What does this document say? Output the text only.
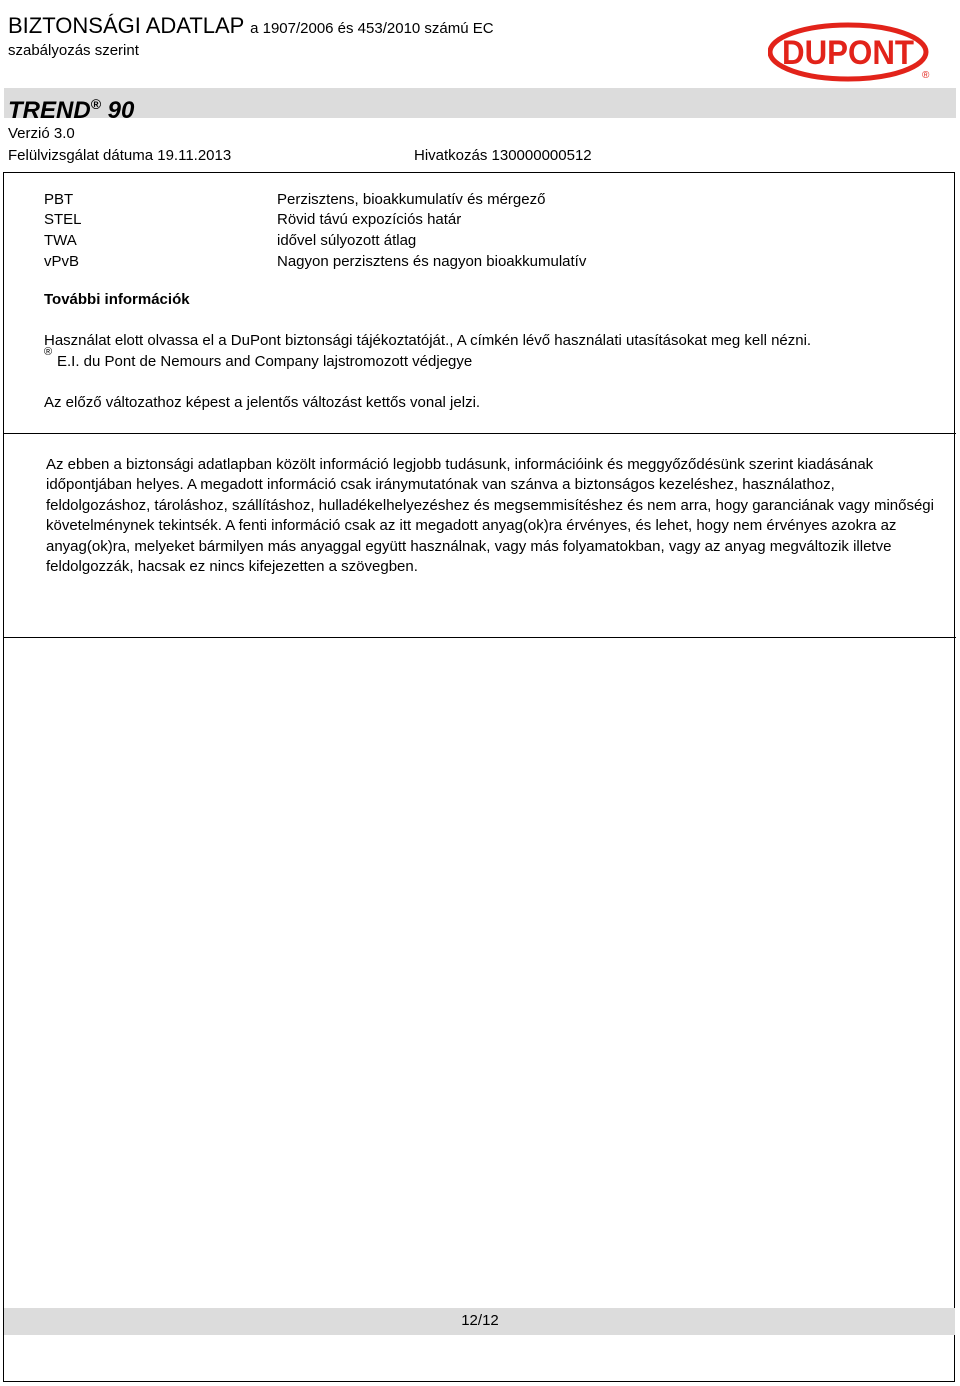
BIZTONSÁGI ADATLAP a 1907/2006 és 453/2010 számú EC
szabályozás szerint	DUPONT
®
TREND® 90
Verzió 3.0
Felülvizsgálat dátuma 19.11.2013	Hivatkozás 130000000512
PBT	Perzisztens, bioakkumulatív és mérgező
STEL	Rövid távú expozíciós határ
TWA	idővel súlyozott átlag
vPvB	Nagyon perzisztens és nagyon bioakkumulatív
További információk
Használat elott olvassa el a DuPont biztonsági tájékoztatóját., A címkén lévő használati utasításokat meg kell nézni.
®
E.I. du Pont de Nemours and Company lajstromozott védjegye
Az előző változathoz képest a jelentős változást kettős vonal jelzi.
Az ebben a biztonsági adatlapban közölt információ legjobb tudásunk, információink és meggyőződésünk szerint kiadásának időpontjában helyes. A megadott információ csak iránymutatónak van szánva a biztonságos kezeléshez, használathoz, feldolgozáshoz, tároláshoz, szállításhoz, hulladékelhelyezéshez és megsemmisítéshez és nem arra, hogy garanciának vagy minőségi követelménynek tekintsék. A fenti információ csak az itt megadott anyag(ok)ra érvényes, és lehet, hogy nem érvényes azokra az anyag(ok)ra, melyeket bármilyen más anyaggal együtt használnak, vagy más folyamatokban, vagy az anyag megváltozik illetve feldolgozzák, hacsak ez nincs kifejezetten a szövegben.
12/12
